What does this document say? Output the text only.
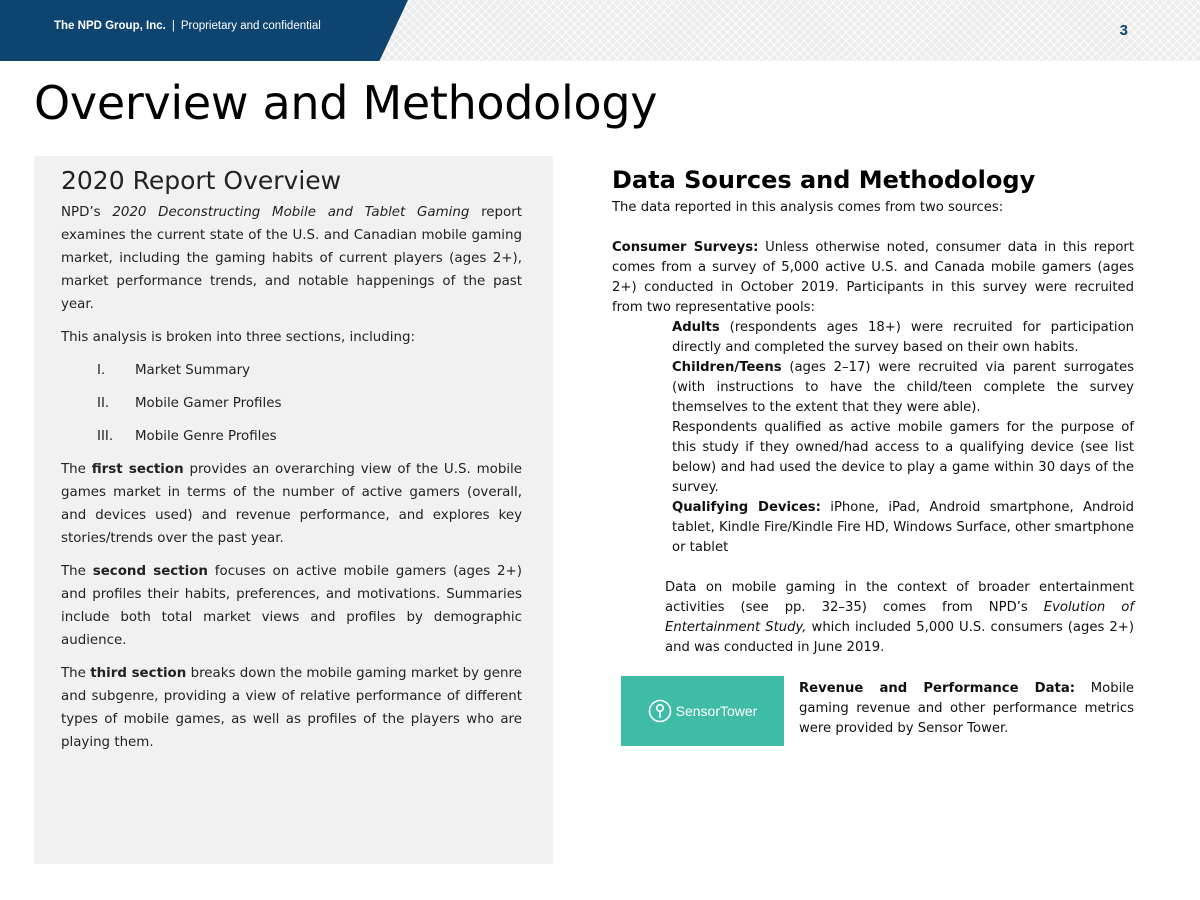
The NPD Group, Inc. | Proprietary and confidential	3
Overview and Methodology
2020 Report Overview

NPD’s 2020 Deconstructing Mobile and Tablet Gaming report examines the current state of the U.S. and Canadian mobile gaming market, including the gaming habits of current players (ages 2+), market performance trends, and notable happenings of the past year.

This analysis is broken into three sections, including:

I.	Market Summary
II.	Mobile Gamer Profiles
III.	Mobile Genre Profiles

The first section provides an overarching view of the U.S. mobile games market in terms of the number of active gamers (overall, and devices used) and revenue performance, and explores key stories/trends over the past year.

The second section focuses on active mobile gamers (ages 2+) and profiles their habits, preferences, and motivations. Summaries include both total market views and profiles by demographic audience.

The third section breaks down the mobile gaming market by genre and subgenre, providing a view of relative performance of different types of mobile games, as well as profiles of the players who are playing them.

Data Sources and Methodology

The data reported in this analysis comes from two sources:

Consumer Surveys: Unless otherwise noted, consumer data in this report comes from a survey of 5,000 active U.S. and Canada mobile gamers (ages 2+) conducted in October 2019. Participants in this survey were recruited from two representative pools:

Adults (respondents ages 18+) were recruited for participation directly and completed the survey based on their own habits.

Children/Teens (ages 2–17) were recruited via parent surrogates (with instructions to have the child/teen complete the survey themselves to the extent that they were able).

Respondents qualified as active mobile gamers for the purpose of this study if they owned/had access to a qualifying device (see list below) and had used the device to play a game within 30 days of the survey.

Qualifying Devices: iPhone, iPad, Android smartphone, Android tablet, Kindle Fire/Kindle Fire HD, Windows Surface, other smartphone or tablet

Data on mobile gaming in the context of broader entertainment activities (see pp. 32–35) comes from NPD’s Evolution of Entertainment Study, which included 5,000 U.S. consumers (ages 2+) and was conducted in June 2019.

SensorTower

Revenue and Performance Data: Mobile gaming revenue and other performance metrics were provided by Sensor Tower.
